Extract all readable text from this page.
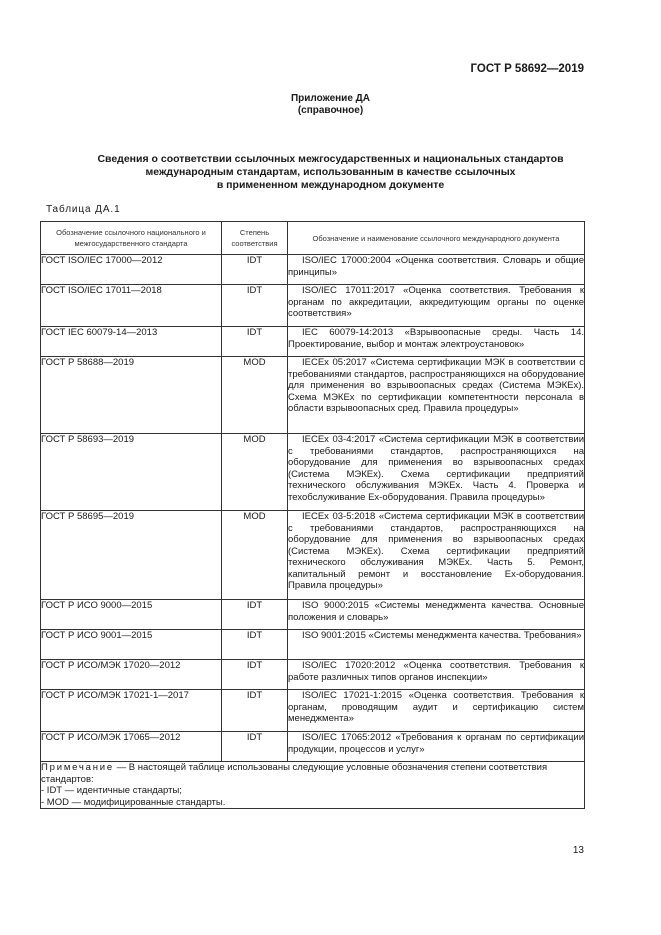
ГОСТ Р 58692—2019
Приложение ДА
(справочное)
Сведения о соответствии ссылочных межгосударственных и национальных стандартов
международным стандартам, использованным в качестве ссылочных
в примененном международном документе
Таблица ДА.1
Обозначение ссылочного национального и межгосударственного стандарта	Степень соответствия	Обозначение и наименование ссылочного международного документа
ГОСТ ISO/IEC 17000—2012	IDT	ISO/IEC 17000:2004 «Оценка соответствия. Словарь и общие принципы»

ГОСТ ISO/IEC 17011—2018	IDT	ISO/IEC 17011:2017 «Оценка соответствия. Требования к органам по аккредитации, аккредитующим органы по оценке соответствия»

ГОСТ IEC 60079-14—2013	IDT	IEC 60079-14:2013 «Взрывоопасные среды. Часть 14. Проектирование, выбор и монтаж электроустановок»

ГОСТ Р 58688—2019	MOD	IECEx 05:2017 «Система сертификации МЭК в соответствии с требованиями стандартов, распространяющихся на оборудование для применения во взрывоопасных средах (Система МЭКЕх). Схема МЭКЕх по сертификации компетентности персонала в области взрывоопасных сред. Правила процедуры»

ГОСТ Р 58693—2019	MOD	IECEx 03-4:2017 «Система сертификации МЭК в соответствии с требованиями стандартов, распространяющихся на оборудование для применения во взрывоопасных средах (Система МЭКЕх). Схема сертификации предприятий технического обслуживания МЭКЕх. Часть 4. Проверка и техобслуживание Ех-оборудования. Правила процедуры»

ГОСТ Р 58695—2019	MOD	IECEx 03-5:2018 «Система сертификации МЭК в соответствии с требованиями стандартов, распространяющихся на оборудование для применения во взрывоопасных средах (Система МЭКЕх). Схема сертификации предприятий технического обслуживания МЭКЕх. Часть 5. Ремонт, капитальный ремонт и восстановление Ех-оборудования. Правила процедуры»

ГОСТ Р ИСО 9000—2015	IDT	ISO 9000:2015 «Системы менеджмента качества. Основные положения и словарь»

ГОСТ Р ИСО 9001—2015	IDT	ISO 9001:2015 «Системы менеджмента качества. Требования»

ГОСТ Р ИСО/МЭК 17020—2012	IDT	ISO/IEC 17020:2012 «Оценка соответствия. Требования к работе различных типов органов инспекции»

ГОСТ Р ИСО/МЭК 17021-1—2017	IDT	ISO/IEC 17021-1:2015 «Оценка соответствия. Требования к органам, проводящим аудит и сертификацию систем менеджмента»

ГОСТ Р ИСО/МЭК 17065—2012	IDT	ISO/IEC 17065:2012 «Требования к органам по сертификации продукции, процессов и услуг»

Примечание — В настоящей таблице использованы следующие условные обозначения степени соответствия стандартов:
- IDT — идентичные стандарты;
- MOD — модифицированные стандарты.		
13
